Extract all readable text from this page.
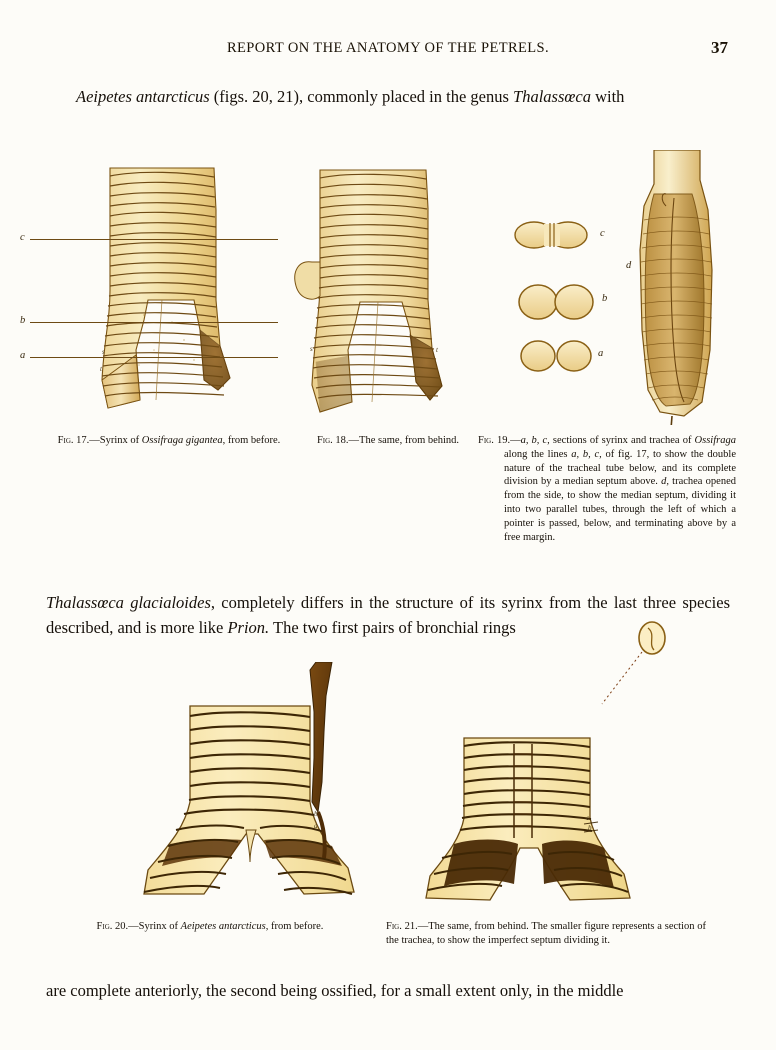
REPORT ON THE ANATOMY OF THE PETRELS.	37
Aeipetes antarcticus (figs. 20, 21), commonly placed in the genus Thalassœca with
c
b
a	s
t
s	t
c
b
a
d
Fig. 17.—Syrinx of Ossifraga gigantea, from before.	Fig. 18.—The same, from behind.	Fig. 19.—a, b, c, sections of syrinx and trachea of Ossifraga along the lines a, b, c, of fig. 17, to show the double nature of the tracheal tube below, and its complete division by a median septum above. d, trachea opened from the side, to show the median septum, dividing it into two parallel tubes, through the left of which a pointer is passed, below, and terminating above by a free margin.
Thalassœca glacialoides, completely differs in the structure of its syrinx from the last three species described, and is more like Prion. The two first pairs of bronchial rings
c
b
a
c
b
a
Fig. 20.—Syrinx of Aeipetes antarcticus, from before.	Fig. 21.—The same, from behind. The smaller figure represents a section of the trachea, to show the imperfect septum dividing it.
are complete anteriorly, the second being ossified, for a small extent only, in the middle
